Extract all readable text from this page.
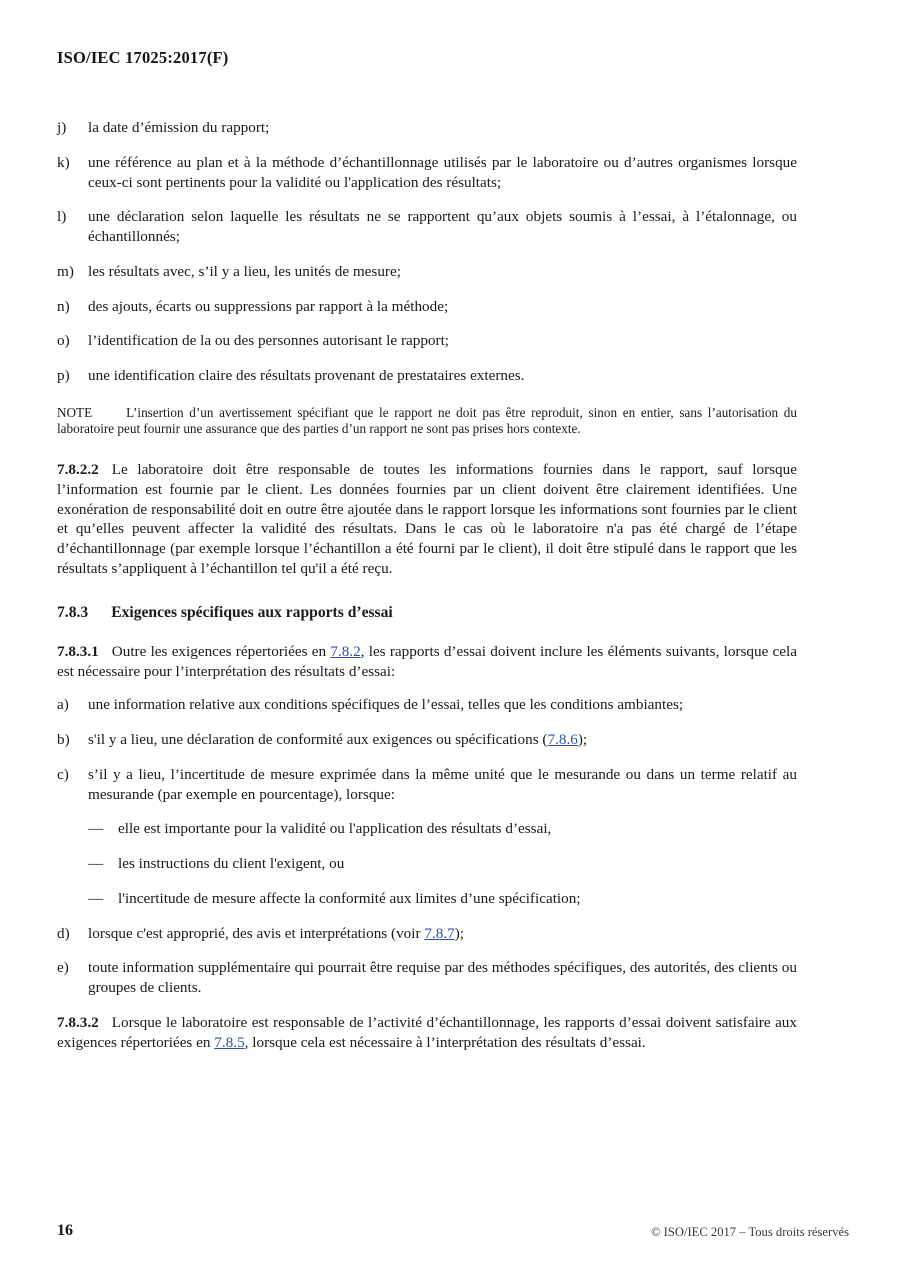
ISO/IEC 17025:2017(F)
j)	la date d’émission du rapport;
k)	une référence au plan et à la méthode d’échantillonnage utilisés par le laboratoire ou d’autres organismes lorsque ceux-ci sont pertinents pour la validité ou l'application des résultats;
l)	une déclaration selon laquelle les résultats ne se rapportent qu’aux objets soumis à l’essai, à l’étalonnage, ou échantillonnés;
m) les résultats avec, s’il y a lieu, les unités de mesure;
n)	des ajouts, écarts ou suppressions par rapport à la méthode;
o)	l’identification de la ou des personnes autorisant le rapport;
p)	une identification claire des résultats provenant de prestataires externes.

NOTE	L’insertion d’un avertissement spécifiant que le rapport ne doit pas être reproduit, sinon en entier, sans l’autorisation du laboratoire peut fournir une assurance que des parties d’un rapport ne sont pas prises hors contexte.

7.8.2.2 Le laboratoire doit être responsable de toutes les informations fournies dans le rapport, sauf lorsque l’information est fournie par le client. Les données fournies par un client doivent être clairement identifiées. Une exonération de responsabilité doit en outre être ajoutée dans le rapport lorsque les informations sont fournies par le client et qu’elles peuvent affecter la validité des résultats. Dans le cas où le laboratoire n'a pas été chargé de l’étape d’échantillonnage (par exemple lorsque l’échantillon a été fourni par le client), il doit être stipulé dans le rapport que les résultats s’appliquent à l’échantillon tel qu'il a été reçu.

7.8.3 Exigences spécifiques aux rapports d’essai

7.8.3.1 Outre les exigences répertoriées en 7.8.2, les rapports d’essai doivent inclure les éléments suivants, lorsque cela est nécessaire pour l’interprétation des résultats d’essai:

a)	une information relative aux conditions spécifiques de l’essai, telles que les conditions ambiantes;
b)	s'il y a lieu, une déclaration de conformité aux exigences ou spécifications (7.8.6);
c)	s’il y a lieu, l’incertitude de mesure exprimée dans la même unité que le mesurande ou dans un terme relatif au mesurande (par exemple en pourcentage), lorsque:
— elle est importante pour la validité ou l'application des résultats d’essai,
— les instructions du client l'exigent, ou
— l'incertitude de mesure affecte la conformité aux limites d’une spécification;
d)	lorsque c'est approprié, des avis et interprétations (voir 7.8.7);
e)	toute information supplémentaire qui pourrait être requise par des méthodes spécifiques, des autorités, des clients ou groupes de clients.

7.8.3.2 Lorsque le laboratoire est responsable de l’activité d’échantillonnage, les rapports d’essai doivent satisfaire aux exigences répertoriées en 7.8.5, lorsque cela est nécessaire à l’interprétation des résultats d’essai.

16	© ISO/IEC 2017 – Tous droits réservés
